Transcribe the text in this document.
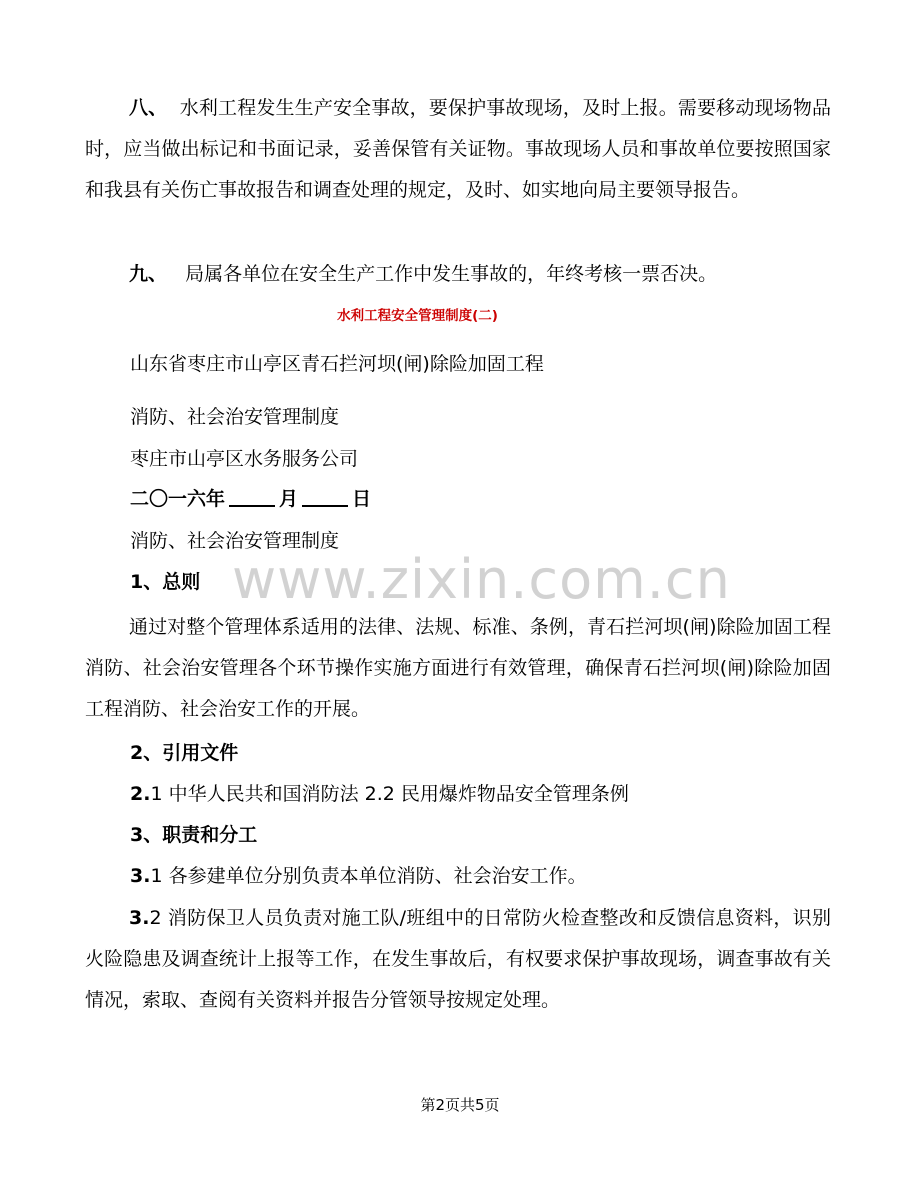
八、 水利工程发生生产安全事故，要保护事故现场，及时上报。需要移动现场物品时，应当做出标记和书面记录，妥善保管有关证物。事故现场人员和事故单位要按照国家和我县有关伤亡事故报告和调查处理的规定，及时、如实地向局主要领导报告。

九、 局属各单位在安全生产工作中发生事故的，年终考核一票否决。

水利工程安全管理制度(二)
山东省枣庄市山亭区青石拦河坝(闸)除险加固工程
消防、社会治安管理制度
枣庄市山亭区水务服务公司
二〇一六年	月	日
消防、社会治安管理制度
1、总则

通过对整个管理体系适用的法律、法规、标准、条例，青石拦河坝(闸)除险加固工程消防、社会治安管理各个环节操作实施方面进行有效管理，确保青石拦河坝(闸)除险加固工程消防、社会治安工作的开展。

2、引用文件
2.1 中华人民共和国消防法 2.2 民用爆炸物品安全管理条例
3、职责和分工
3.1 各参建单位分别负责本单位消防、社会治安工作。

3.2 消防保卫人员负责对施工队/班组中的日常防火检查整改和反馈信息资料，识别火险隐患及调查统计上报等工作，在发生事故后，有权要求保护事故现场，调查事故有关情况，索取、查阅有关资料并报告分管领导按规定处理。

www.zixin.com.cn
第2页共5页
